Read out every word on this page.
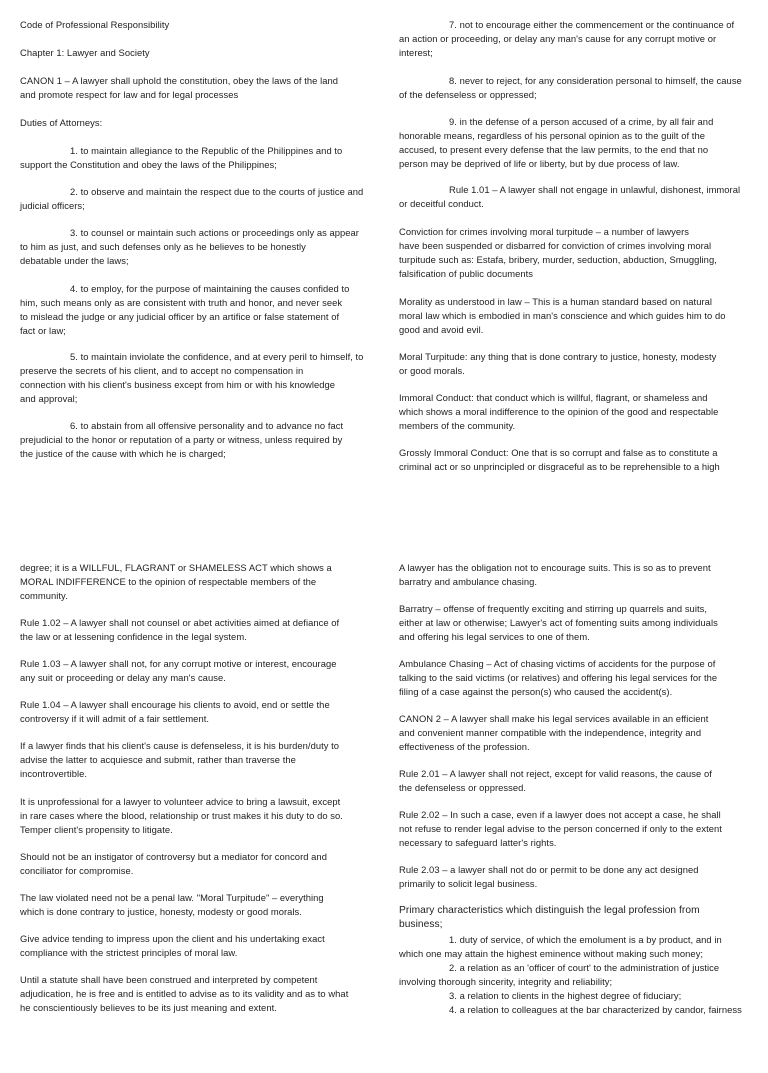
Code of Professional Responsibility
Chapter 1: Lawyer and Society
CANON 1 – A lawyer shall uphold the constitution, obey the laws of the land
and promote respect for law and for legal processes
Duties of Attorneys:
1. to maintain allegiance to the Republic of the Philippines and to
support the Constitution and obey the laws of the Philippines;
2. to observe and maintain the respect due to the courts of justice and
judicial officers;
3. to counsel or maintain such actions or proceedings only as appear
to him as just, and such defenses only as he believes to be honestly
debatable under the laws;
4. to employ, for the purpose of maintaining the causes confided to
him, such means only as are consistent with truth and honor, and never seek
to mislead the judge or any judicial officer by an artifice or false statement of
fact or law;
5. to maintain inviolate the confidence, and at every peril to himself, to
preserve the secrets of his client, and to accept no compensation in
connection with his client's business except from him or with his knowledge
and approval;
6. to abstain from all offensive personality and to advance no fact
prejudicial to the honor or reputation of a party or witness, unless required by
the justice of the cause with which he is charged;
7. not to encourage either the commencement or the continuance of
an action or proceeding, or delay any man's cause for any corrupt motive or
interest;
8. never to reject, for any consideration personal to himself, the cause
of the defenseless or oppressed;
9. in the defense of a person accused of a crime, by all fair and
honorable means, regardless of his personal opinion as to the guilt of the
accused, to present every defense that the law permits, to the end that no
person may be deprived of life or liberty, but by due process of law.
Rule 1.01 – A lawyer shall not engage in unlawful, dishonest, immoral
or deceitful conduct.
Conviction for crimes involving moral turpitude – a number of lawyers
have been suspended or disbarred for conviction of crimes involving moral
turpitude such as: Estafa, bribery, murder, seduction, abduction, Smuggling,
falsification of public documents
Morality as understood in law – This is a human standard based on natural
moral law which is embodied in man's conscience and which guides him to do
good and avoid evil.
Moral Turpitude: any thing that is done contrary to justice, honesty, modesty
or good morals.
Immoral Conduct: that conduct which is willful, flagrant, or shameless and
which shows a moral indifference to the opinion of the good and respectable
members of the community.
Grossly Immoral Conduct: One that is so corrupt and false as to constitute a
criminal act or so unprincipled or disgraceful as to be reprehensible to a high
degree; it is a WILLFUL, FLAGRANT or SHAMELESS ACT which shows a
MORAL INDIFFERENCE to the opinion of respectable members of the
community.
Rule 1.02 – A lawyer shall not counsel or abet activities aimed at defiance of
the law or at lessening confidence in the legal system.
Rule 1.03 – A lawyer shall not, for any corrupt motive or interest, encourage
any suit or proceeding or delay any man's cause.
Rule 1.04 – A lawyer shall encourage his clients to avoid, end or settle the
controversy if it will admit of a fair settlement.
If a lawyer finds that his client's cause is defenseless, it is his burden/duty to
advise the latter to acquiesce and submit, rather than traverse the
incontrovertible.
It is unprofessional for a lawyer to volunteer advice to bring a lawsuit, except
in rare cases where the blood, relationship or trust makes it his duty to do so.
Temper client's propensity to litigate.
Should not be an instigator of controversy but a mediator for concord and
conciliator for compromise.
The law violated need not be a penal law. "Moral Turpitude" – everything
which is done contrary to justice, honesty, modesty or good morals.
Give advice tending to impress upon the client and his undertaking exact
compliance with the strictest principles of moral law.
Until a statute shall have been construed and interpreted by competent
adjudication, he is free and is entitled to advise as to its validity and as to what
he conscientiously believes to be its just meaning and extent.
A lawyer has the obligation not to encourage suits. This is so as to prevent
barratry and ambulance chasing.
Barratry – offense of frequently exciting and stirring up quarrels and suits,
either at law or otherwise; Lawyer's act of fomenting suits among individuals
and offering his legal services to one of them.
Ambulance Chasing – Act of chasing victims of accidents for the purpose of
talking to the said victims (or relatives) and offering his legal services for the
filing of a case against the person(s) who caused the accident(s).
CANON 2 – A lawyer shall make his legal services available in an efficient
and convenient manner compatible with the independence, integrity and
effectiveness of the profession.
Rule 2.01 – A lawyer shall not reject, except for valid reasons, the cause of
the defenseless or oppressed.
Rule 2.02 – In such a case, even if a lawyer does not accept a case, he shall
not refuse to render legal advise to the person concerned if only to the extent
necessary to safeguard latter's rights.
Rule 2.03 – a lawyer shall not do or permit to be done any act designed
primarily to solicit legal business.
Primary characteristics which distinguish the legal profession from
business;
1. duty of service, of which the emolument is a by product, and in
which one may attain the highest eminence without making such money;
2. a relation as an 'officer of court' to the administration of justice
involving thorough sincerity, integrity and reliability;
3. a relation to clients in the highest degree of fiduciary;
4. a relation to colleagues at the bar characterized by candor, fairness
